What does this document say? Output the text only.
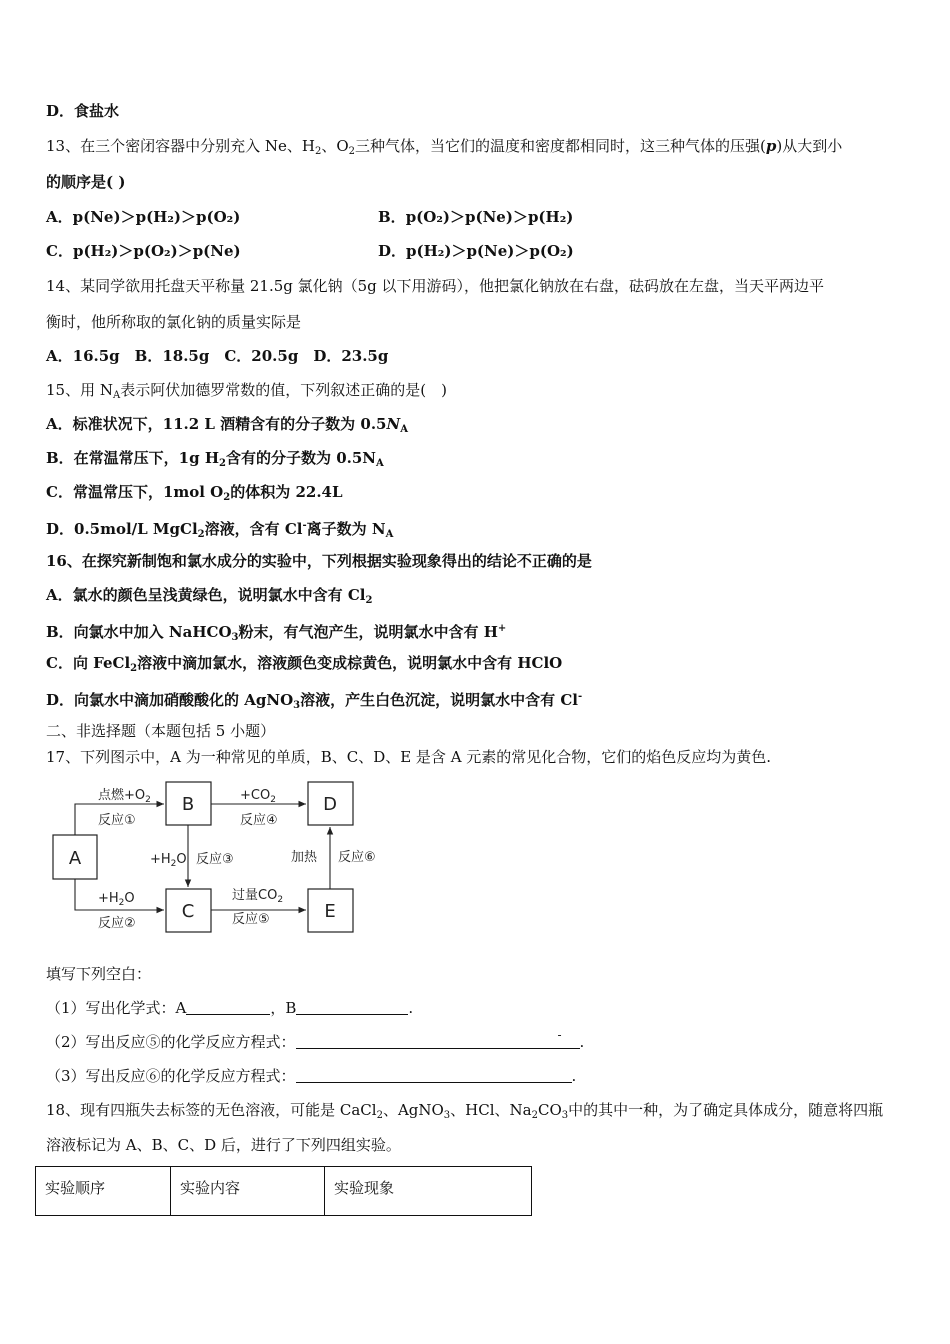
D．食盐水
13、在三个密闭容器中分别充入 Ne、$H_2$、$O_2$三种气体，当它们的温度和密度都相同时，这三种气体的压强(p)从大到小
的顺序是( )
A．p(Ne)＞p(H₂)＞p(O₂)	B．p(O₂)＞p(Ne)＞p(H₂)
C．p(H₂)＞p(O₂)＞p(Ne)	D．p(H₂)＞p(Ne)＞p(O₂)
14、某同学欲用托盘天平称量 21.5g 氯化钠（5g 以下用游码），他把氯化钠放在右盘，砝码放在左盘，当天平两边平
衡时，他所称取的氯化钠的质量实际是
A．16.5g　B．18.5g　C．20.5g　D．23.5g
15、用 $N_A$表示阿伏加德罗常数的值，下列叙述正确的是(　)
A．标准状况下，11.2 L 酒精含有的分子数为 $0.5N_A$
B．在常温常压下，1g $H_2$含有的分子数为 $0.5N_A$
C．常温常压下，1mol $O_2$的体积为 22.4L
D．0.5mol/L MgCl$_2$溶液，含有 Cl-离子数为 $N_A$
16、在探究新制饱和氯水成分的实验中，下列根据实验现象得出的结论不正确的是
A．氯水的颜色呈浅黄绿色，说明氯水中含有 $Cl_2$
B．向氯水中加入 NaHCO$_3$粉末，有气泡产生，说明氯水中含有 H+
C．向 FeCl$_2$溶液中滴加氯水，溶液颜色变成棕黄色，说明氯水中含有 HClO
D．向氯水中滴加硝酸酸化的 AgNO$_3$溶液，产生白色沉淀，说明氯水中含有 Cl-
二、非选择题（本题包括 5 小题）
17、下列图示中，A 为一种常见的单质，B、C、D、E 是含 A 元素的常见化合物，它们的焰色反应均为黄色.
A
B
C
D
E
点燃$+O_2$
反应①
$+H_2O$
反应②
$+H_2O$ 反应③
$+CO_2$
反应④
过量$CO_2$
反应⑤
加热 反应⑥
填写下列空白：
（1）写出化学式：A	，B	.
（2）写出反应⑤的化学反应方程式：	- .
（3）写出反应⑥的化学反应方程式：	.
18、现有四瓶失去标签的无色溶液，可能是 CaCl$_2$、AgNO$_3$、HCl、$Na_2CO_3$中的其中一种，为了确定具体成分，随意将四瓶
溶液标记为 A、B、C、D 后，进行了下列四组实验。
实验顺序	实验内容	实验现象
